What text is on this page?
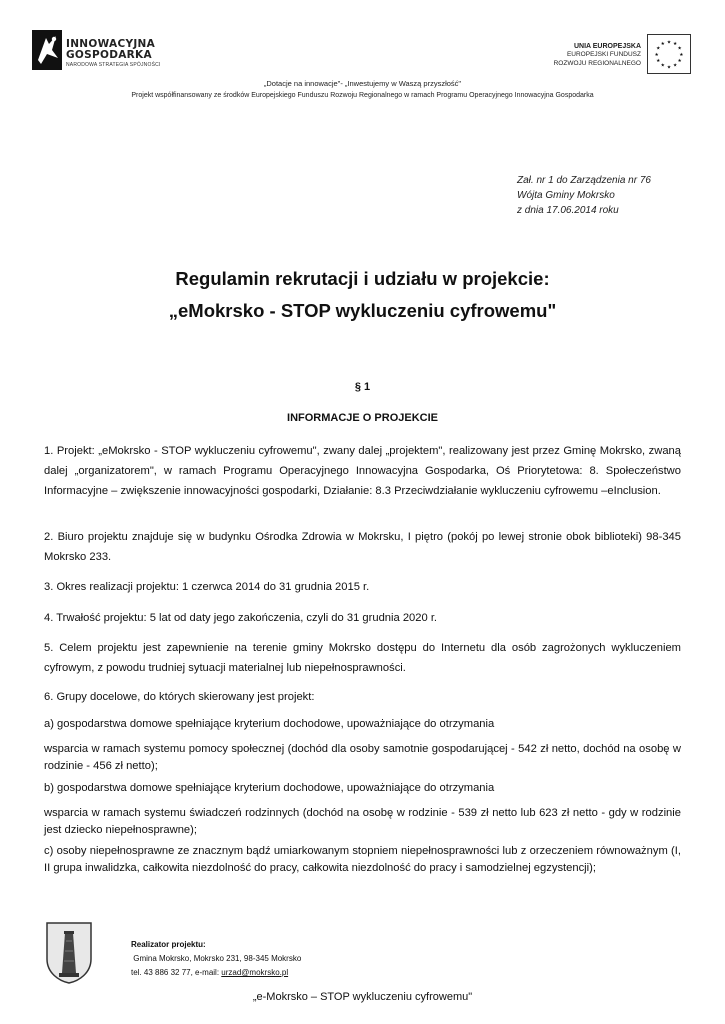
INNOWACYJNA
GOSPODARKA
NARODOWA STRATEGIA SPÓJNOŚCI
UNIA EUROPEJSKA
EUROPEJSKI FUNDUSZ
ROZWOJU REGIONALNEGO
★ ★
★
★
★
★
★
★
★
★
★
★
„Dotacje na innowacje"- „Inwestujemy w Waszą przyszłość"
Projekt współfinansowany ze środków Europejskiego Funduszu Rozwoju Regionalnego w ramach Programu Operacyjnego Innowacyjna Gospodarka
Zał. nr 1 do Zarządzenia nr 76
Wójta Gminy Mokrsko
z dnia 17.06.2014 roku
Regulamin rekrutacji i udziału w projekcie:
„eMokrsko - STOP wykluczeniu cyfrowemu"
§ 1
INFORMACJE O PROJEKCIE
1. Projekt: „eMokrsko - STOP wykluczeniu cyfrowemu", zwany dalej „projektem", realizowany jest przez Gminę Mokrsko, zwaną dalej „organizatorem", w ramach Programu Operacyjnego Innowacyjna Gospodarka, Oś Priorytetowa: 8. Społeczeństwo Informacyjne – zwiększenie innowacyjności gospodarki, Działanie: 8.3 Przeciwdziałanie wykluczeniu cyfrowemu –eInclusion.
2. Biuro projektu znajduje się w budynku Ośrodka Zdrowia w Mokrsku, I piętro (pokój po lewej stronie obok biblioteki) 98-345 Mokrsko 233.
3. Okres realizacji projektu: 1 czerwca 2014 do 31 grudnia 2015 r.
4. Trwałość projektu: 5 lat od daty jego zakończenia, czyli do 31 grudnia 2020 r.
5. Celem projektu jest zapewnienie na terenie gminy Mokrsko dostępu do Internetu dla osób zagrożonych wykluczeniem cyfrowym, z powodu trudniej sytuacji materialnej lub niepełnosprawności.
6. Grupy docelowe, do których skierowany jest projekt:
a) gospodarstwa domowe spełniające kryterium dochodowe, upoważniające do otrzymania
wsparcia w ramach systemu pomocy społecznej (dochód dla osoby samotnie gospodarującej - 542 zł netto, dochód na osobę w rodzinie - 456 zł netto);
b) gospodarstwa domowe spełniające kryterium dochodowe, upoważniające do otrzymania
wsparcia w ramach systemu świadczeń rodzinnych (dochód na osobę w rodzinie - 539 zł netto lub 623 zł netto - gdy w rodzinie jest dziecko niepełnosprawne);
c) osoby niepełnosprawne ze znacznym bądź umiarkowanym stopniem niepełnosprawności lub z orzeczeniem równoważnym (I, II grupa inwalidzka, całkowita niezdolność do pracy, całkowita niezdolność do pracy i samodzielnej egzystencji);
Realizator projektu:
Gmina Mokrsko, Mokrsko 231, 98-345 Mokrsko
tel. 43 886 32 77, e-mail: urzad@mokrsko.pl
„e-Mokrsko – STOP wykluczeniu cyfrowemu"
